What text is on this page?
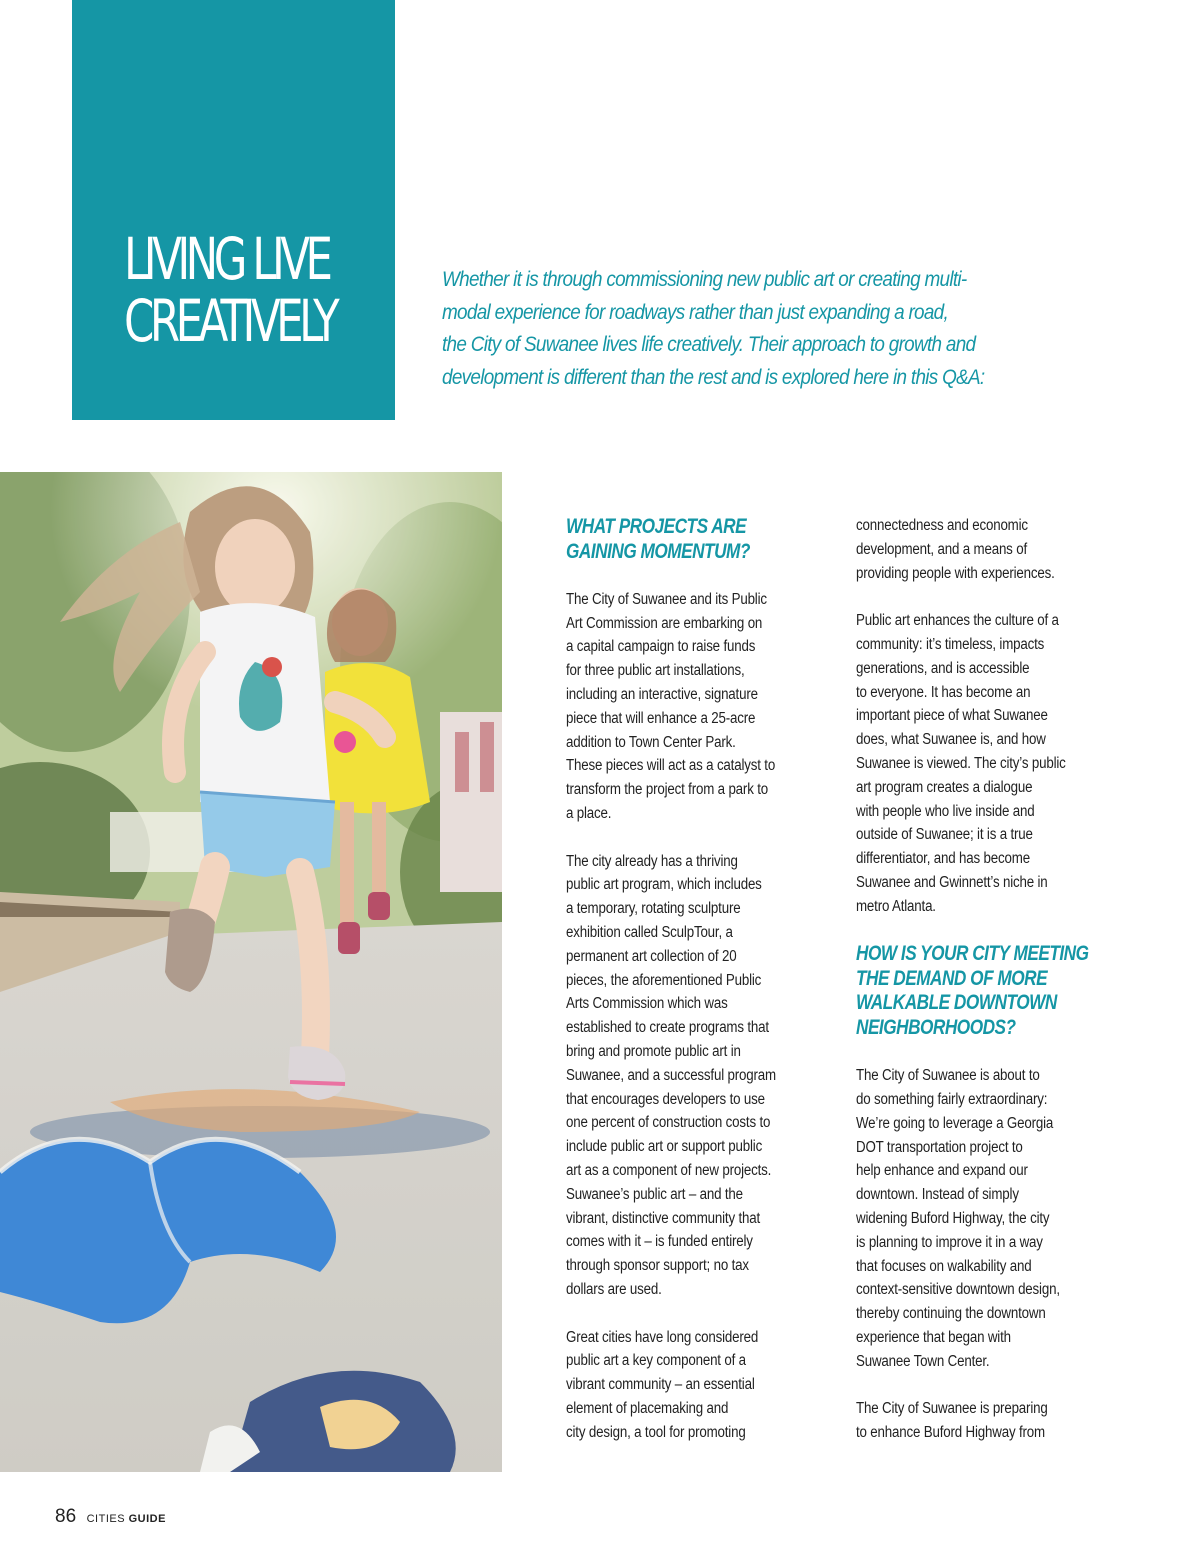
LIVING LIVE
CREATIVELY
Whether it is through commissioning new public art or creating multi-
modal experience for roadways rather than just expanding a road,
the City of Suwanee lives life creatively. Their approach to growth and
development is different than the rest and is explored here in this Q&A:
WHAT PROJECTS ARE
GAINING MOMENTUM?
The City of Suwanee and its Public
Art Commission are embarking on
a capital campaign to raise funds
for three public art installations,
including an interactive, signature
piece that will enhance a 25-acre
addition to Town Center Park.
These pieces will act as a catalyst to
transform the project from a park to
a place.
The city already has a thriving
public art program, which includes
a temporary, rotating sculpture
exhibition called SculpTour, a
permanent art collection of 20
pieces, the aforementioned Public
Arts Commission which was
established to create programs that
bring and promote public art in
Suwanee, and a successful program
that encourages developers to use
one percent of construction costs to
include public art or support public
art as a component of new projects.
Suwanee’s public art – and the
vibrant, distinctive community that
comes with it – is funded entirely
through sponsor support; no tax
dollars are used.
Great cities have long considered
public art a key component of a
vibrant community – an essential
element of placemaking and
city design, a tool for promoting
connectedness and economic
development, and a means of
providing people with experiences.
Public art enhances the culture of a
community: it’s timeless, impacts
generations, and is accessible
to everyone. It has become an
important piece of what Suwanee
does, what Suwanee is, and how
Suwanee is viewed. The city’s public
art program creates a dialogue
with people who live inside and
outside of Suwanee; it is a true
differentiator, and has become
Suwanee and Gwinnett’s niche in
metro Atlanta.
HOW IS YOUR CITY MEETING
THE DEMAND OF MORE
WALKABLE DOWNTOWN
NEIGHBORHOODS?
The City of Suwanee is about to
do something fairly extraordinary:
We’re going to leverage a Georgia
DOT transportation project to
help enhance and expand our
downtown. Instead of simply
widening Buford Highway, the city
is planning to improve it in a way
that focuses on walkability and
context-sensitive downtown design,
thereby continuing the downtown
experience that began with
Suwanee Town Center.
The City of Suwanee is preparing
to enhance Buford Highway from
86 CITIES GUIDE
